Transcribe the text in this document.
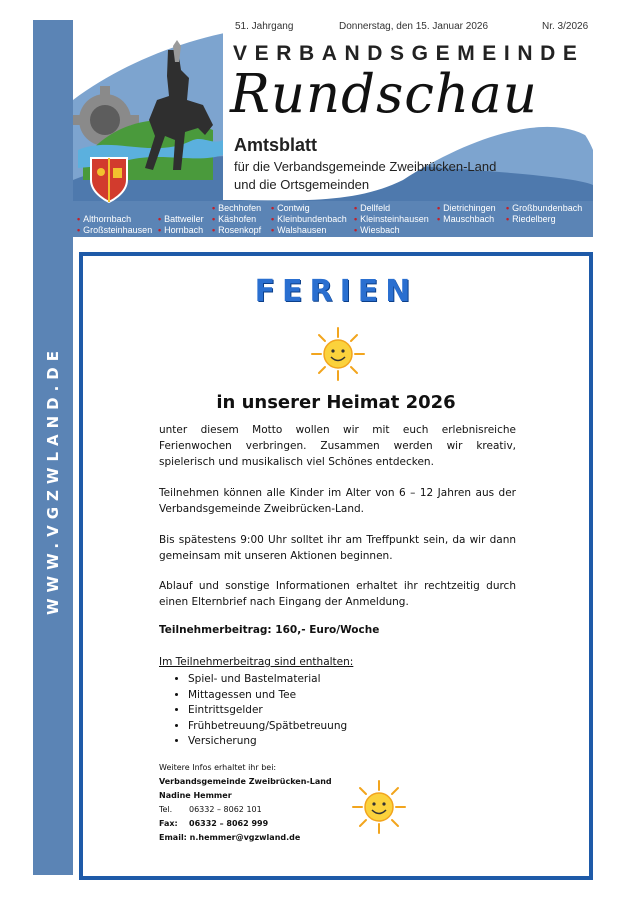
WWW.VGZWLAND.DE
51. Jahrgang	Donnerstag, den 15. Januar 2026	Nr. 3/2026
VERBANDSGEMEINDE
Rundschau
Amtsblatt
für die Verbandsgemeinde Zweibrücken-Land
und die Ortsgemeinden
• Althornbach
• Großsteinhausen
• Battweiler
• Hornbach
• Bechhofen
• Käshofen
• Rosenkopf
• Contwig
• Kleinbundenbach
• Walshausen
• Dellfeld
• Kleinsteinhausen
• Wiesbach
• Dietrichingen
• Mauschbach
• Großbundenbach
• Riedelberg
FERIEN
in unserer Heimat 2026
unter diesem Motto wollen wir mit euch erlebnisreiche Ferienwochen verbringen. Zusammen werden wir kreativ, spielerisch und musikalisch viel Schönes entdecken.
Teilnehmen können alle Kinder im Alter von 6 – 12 Jahren aus der Verbandsgemeinde Zweibrücken-Land.
Bis spätestens 9:00 Uhr solltet ihr am Treffpunkt sein, da wir dann gemeinsam mit unseren Aktionen beginnen.
Ablauf und sonstige Informationen erhaltet ihr rechtzeitig durch einen Elternbrief nach Eingang der Anmeldung.
Teilnehmerbeitrag: 160,- Euro/Woche
Im Teilnehmerbeitrag sind enthalten:
• Spiel- und Bastelmaterial
• Mittagessen und Tee
• Eintrittsgelder
• Frühbetreuung/Spätbetreuung
• Versicherung
Weitere Infos erhaltet ihr bei:
Verbandsgemeinde Zweibrücken-Land
Nadine Hemmer
Tel. 06332 – 8062 101
Fax: 06332 – 8062 999
Email: n.hemmer@vgzwland.de
